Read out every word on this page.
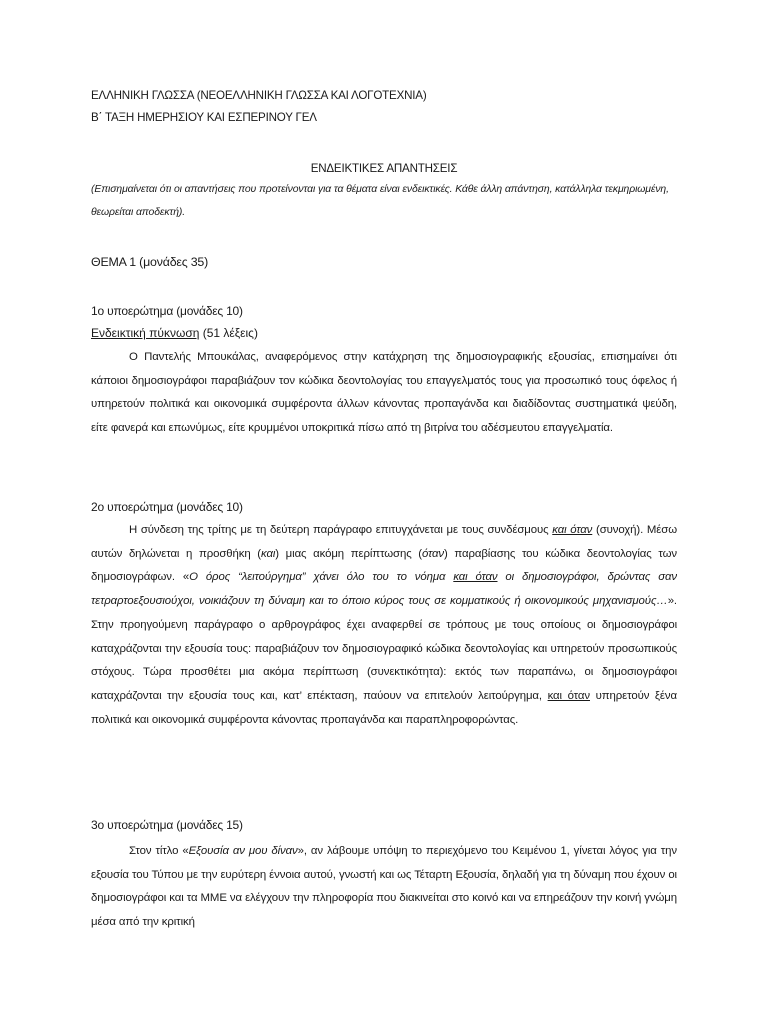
ΕΛΛΗΝΙΚΗ ΓΛΩΣΣΑ (ΝΕΟΕΛΛΗΝΙΚΗ ΓΛΩΣΣΑ ΚΑΙ ΛΟΓΟΤΕΧΝΙΑ)
Β΄ ΤΑΞΗ ΗΜΕΡΗΣΙΟΥ ΚΑΙ ΕΣΠΕΡΙΝΟΥ ΓΕΛ
ΕΝΔΕΙΚΤΙΚΕΣ ΑΠΑΝΤΗΣΕΙΣ
(Επισημαίνεται ότι οι απαντήσεις που προτείνονται για τα θέματα είναι ενδεικτικές. Κάθε άλλη απάντηση, κατάλληλα τεκμηριωμένη, θεωρείται αποδεκτή).
ΘΕΜΑ 1 (μονάδες 35)
1ο υποερώτημα (μονάδες 10)
Ενδεικτική πύκνωση (51 λέξεις)

Ο Παντελής Μπουκάλας, αναφερόμενος στην κατάχρηση της δημοσιογραφικής εξουσίας, επισημαίνει ότι κάποιοι δημοσιογράφοι παραβιάζουν τον κώδικα δεοντολογίας του επαγγελματός τους για προσωπικό τους όφελος ή υπηρετούν πολιτικά και οικονομικά συμφέροντα άλλων κάνοντας προπαγάνδα και διαδίδοντας συστηματικά ψεύδη, είτε φανερά και επωνύμως, είτε κρυμμένοι υποκριτικά πίσω από τη βιτρίνα του αδέσμευτου επαγγελματία.

2ο υποερώτημα (μονάδες 10)

Η σύνδεση της τρίτης με τη δεύτερη παράγραφο επιτυγχάνεται με τους συνδέσμους και όταν (συνοχή). Μέσω αυτών δηλώνεται η προσθήκη (και) μιας ακόμη περίπτωσης (όταν) παραβίασης του κώδικα δεοντολογίας των δημοσιογράφων. «Ο όρος “λειτούργημα” χάνει όλο του το νόημα και όταν οι δημοσιογράφοι, δρώντας σαν τετραρτοεξουσιούχοι, νοικιάζουν τη δύναμη και το όποιο κύρος τους σε κομματικούς ή οικονομικούς μηχανισμούς…». Στην προηγούμενη παράγραφο ο αρθρογράφος έχει αναφερθεί σε τρόπους με τους οποίους οι δημοσιογράφοι καταχράζονται την εξουσία τους: παραβιάζουν τον δημοσιογραφικό κώδικα δεοντολογίας και υπηρετούν προσωπικούς στόχους. Τώρα προσθέτει μια ακόμα περίπτωση (συνεκτικότητα): εκτός των παραπάνω, οι δημοσιογράφοι καταχράζονται την εξουσία τους και, κατ’ επέκταση, παύουν να επιτελούν λειτούργημα, και όταν υπηρετούν ξένα πολιτικά και οικονομικά συμφέροντα κάνοντας προπαγάνδα και παραπληροφορώντας.

3ο υποερώτημα (μονάδες 15)

Στον τίτλο «Εξουσία αν μου δίναν», αν λάβουμε υπόψη το περιεχόμενο του Κειμένου 1, γίνεται λόγος για την εξουσία του Τύπου με την ευρύτερη έννοια αυτού, γνωστή και ως Τέταρτη Εξουσία, δηλαδή για τη δύναμη που έχουν οι δημοσιογράφοι και τα ΜΜΕ να ελέγχουν την πληροφορία που διακινείται στο κοινό και να επηρεάζουν την κοινή γνώμη μέσα από την κριτική
